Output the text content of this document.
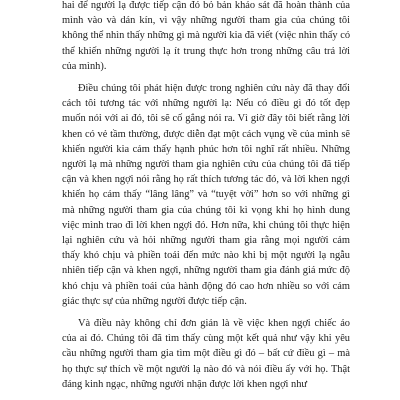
hai để người lạ được tiếp cận đó bỏ bản khảo sát đã hoàn thành của mình vào và dán kín, vì vậy những người tham gia của chúng tôi không thể nhìn thấy những gì mà người kia đã viết (việc nhìn thấy có thể khiến những người lạ ít trung thực hơn trong những câu trả lời của mình).

Điều chúng tôi phát hiện được trong nghiên cứu này đã thay đổi cách tôi tương tác với những người lạ: Nếu có điều gì đó tốt đẹp muốn nói với ai đó, tôi sẽ cố gắng nói ra. Vì giờ đây tôi biết rằng lời khen có vẻ tầm thường, được diễn đạt một cách vụng về của mình sẽ khiến người kia cảm thấy hạnh phúc hơn tôi nghĩ rất nhiều. Những người lạ mà những người tham gia nghiên cứu của chúng tôi đã tiếp cận và khen ngợi nói rằng họ rất thích tương tác đó, và lời khen ngợi khiến họ cảm thấy “lâng lâng” và “tuyệt vời” hơn so với những gì mà những người tham gia của chúng tôi kì vọng khi họ hình dung việc mình trao đi lời khen ngợi đó. Hơn nữa, khi chúng tôi thực hiện lại nghiên cứu và hỏi những người tham gia rằng mọi người cảm thấy khó chịu và phiền toái đến mức nào khi bị một người lạ ngẫu nhiên tiếp cận và khen ngợi, những người tham gia đánh giá mức độ khó chịu và phiền toái của hành động đó cao hơn nhiều so với cảm giác thực sự của những người được tiếp cận.

Và điều này không chỉ đơn giản là về việc khen ngợi chiếc áo của ai đó. Chúng tôi đã tìm thấy cùng một kết quả như vậy khi yêu cầu những người tham gia tìm một điều gì đó – bất cứ điều gì – mà họ thực sự thích về một người lạ nào đó và nói điều ấy với họ. Thật đáng kinh ngạc, những người nhận được lời khen ngợi như
